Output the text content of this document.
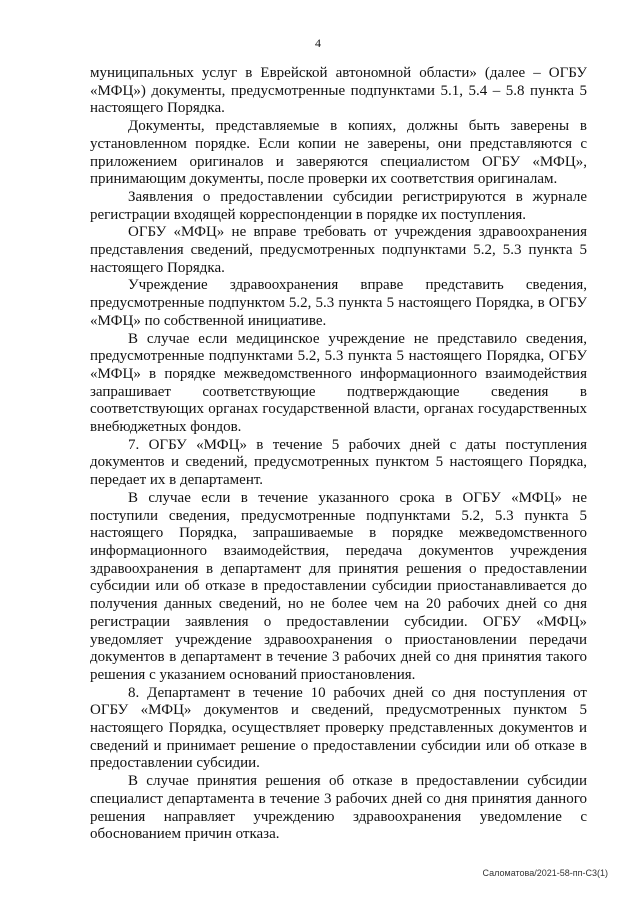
4

муниципальных услуг в Еврейской автономной области» (далее – ОГБУ «МФЦ») документы, предусмотренные подпунктами 5.1, 5.4 – 5.8 пункта 5 настоящего Порядка.

Документы, представляемые в копиях, должны быть заверены в установленном порядке. Если копии не заверены, они представляются с приложением оригиналов и заверяются специалистом ОГБУ «МФЦ», принимающим документы, после проверки их соответствия оригиналам.

Заявления о предоставлении субсидии регистрируются в журнале регистрации входящей корреспонденции в порядке их поступления.

ОГБУ «МФЦ» не вправе требовать от учреждения здравоохранения представления сведений, предусмотренных подпунктами 5.2, 5.3 пункта 5 настоящего Порядка.

Учреждение здравоохранения вправе представить сведения, предусмотренные подпунктом 5.2, 5.3 пункта 5 настоящего Порядка, в ОГБУ «МФЦ» по собственной инициативе.

В случае если медицинское учреждение не представило сведения, предусмотренные подпунктами 5.2, 5.3 пункта 5 настоящего Порядка, ОГБУ «МФЦ» в порядке межведомственного информационного взаимодействия запрашивает соответствующие подтверждающие сведения в соответствующих органах государственной власти, органах государственных внебюджетных фондов.

7. ОГБУ «МФЦ» в течение 5 рабочих дней с даты поступления документов и сведений, предусмотренных пунктом 5 настоящего Порядка, передает их в департамент.

В случае если в течение указанного срока в ОГБУ «МФЦ» не поступили сведения, предусмотренные подпунктами 5.2, 5.3 пункта 5 настоящего Порядка, запрашиваемые в порядке межведомственного информационного взаимодействия, передача документов учреждения здравоохранения в департамент для принятия решения о предоставлении субсидии или об отказе в предоставлении субсидии приостанавливается до получения данных сведений, но не более чем на 20 рабочих дней со дня регистрации заявления о предоставлении субсидии. ОГБУ «МФЦ» уведомляет учреждение здравоохранения о приостановлении передачи документов в департамент в течение 3 рабочих дней со дня принятия такого решения с указанием оснований приостановления.

8. Департамент в течение 10 рабочих дней со дня поступления от ОГБУ «МФЦ» документов и сведений, предусмотренных пунктом 5 настоящего Порядка, осуществляет проверку представленных документов и сведений и принимает решение о предоставлении субсидии или об отказе в предоставлении субсидии.

В случае принятия решения об отказе в предоставлении субсидии специалист департамента в течение 3 рабочих дней со дня принятия данного решения направляет учреждению здравоохранения уведомление с обоснованием причин отказа.

Саломатова/2021-58-пп-С3(1)
